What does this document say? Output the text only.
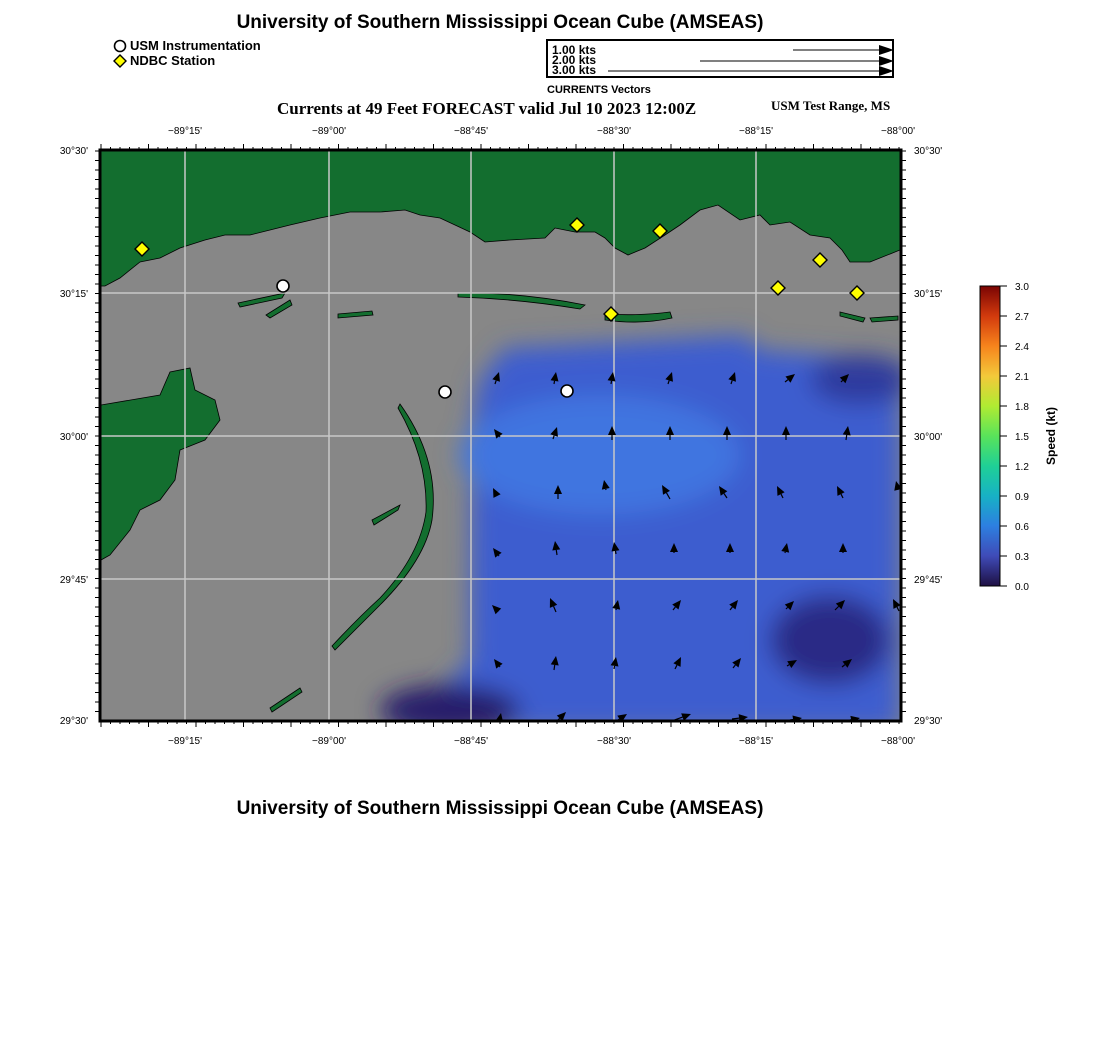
University of Southern Mississippi Ocean Cube (AMSEAS)
USM Instrumentation
NDBC Station
1.00 kts
2.00 kts
3.00 kts
CURRENTS Vectors
Currents at 49 Feet FORECAST valid Jul 10 2023 12:00Z	USM Test Range, MS
University of Southern Mississippi Ocean Cube (AMSEAS)
−89°15'	−89°00'	−88°45'	−88°30'	−88°15'	−88°00'
−89°15'	−89°00'	−88°45'	−88°30'	−88°15'	−88°00'
30°30'
30°15'
30°00'
29°45'
29°30'
30°30'
30°15'
30°00'
29°45'
29°30'
3.0
2.7
2.4
2.1
1.8
1.5
1.2
0.9
0.6
0.3
0.0
Speed (kt)
